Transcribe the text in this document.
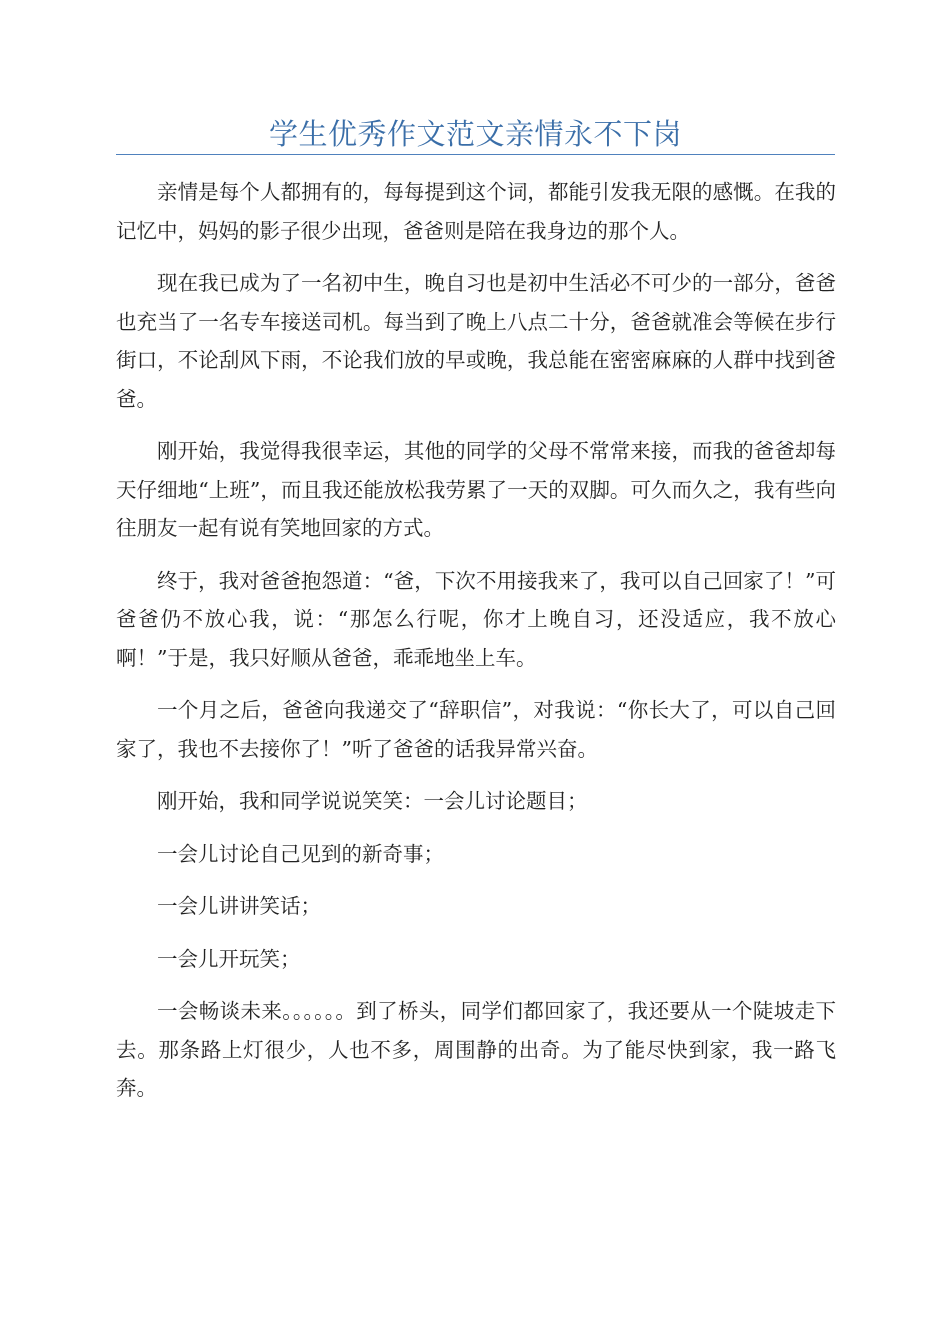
学生优秀作文范文亲情永不下岗

亲情是每个人都拥有的，每每提到这个词，都能引发我无限的感慨。在我的记忆中，妈妈的影子很少出现，爸爸则是陪在我身边的那个人。

现在我已成为了一名初中生，晚自习也是初中生活必不可少的一部分，爸爸也充当了一名专车接送司机。每当到了晚上八点二十分，爸爸就准会等候在步行街口，不论刮风下雨，不论我们放的早或晚，我总能在密密麻麻的人群中找到爸爸。

刚开始，我觉得我很幸运，其他的同学的父母不常常来接，而我的爸爸却每天仔细地“上班”，而且我还能放松我劳累了一天的双脚。可久而久之，我有些向往朋友一起有说有笑地回家的方式。

终于，我对爸爸抱怨道：“爸，下次不用接我来了，我可以自己回家了！”可爸爸仍不放心我，说：“那怎么行呢，你才上晚自习，还没适应，我不放心啊！”于是，我只好顺从爸爸，乖乖地坐上车。

一个月之后，爸爸向我递交了“辞职信”，对我说：“你长大了，可以自己回家了，我也不去接你了！”听了爸爸的话我异常兴奋。

刚开始，我和同学说说笑笑：一会儿讨论题目；

一会儿讨论自己见到的新奇事；

一会儿讲讲笑话；

一会儿开玩笑；

一会畅谈未来。。。。。。到了桥头，同学们都回家了，我还要从一个陡坡走下去。那条路上灯很少，人也不多，周围静的出奇。为了能尽快到家，我一路飞奔。
